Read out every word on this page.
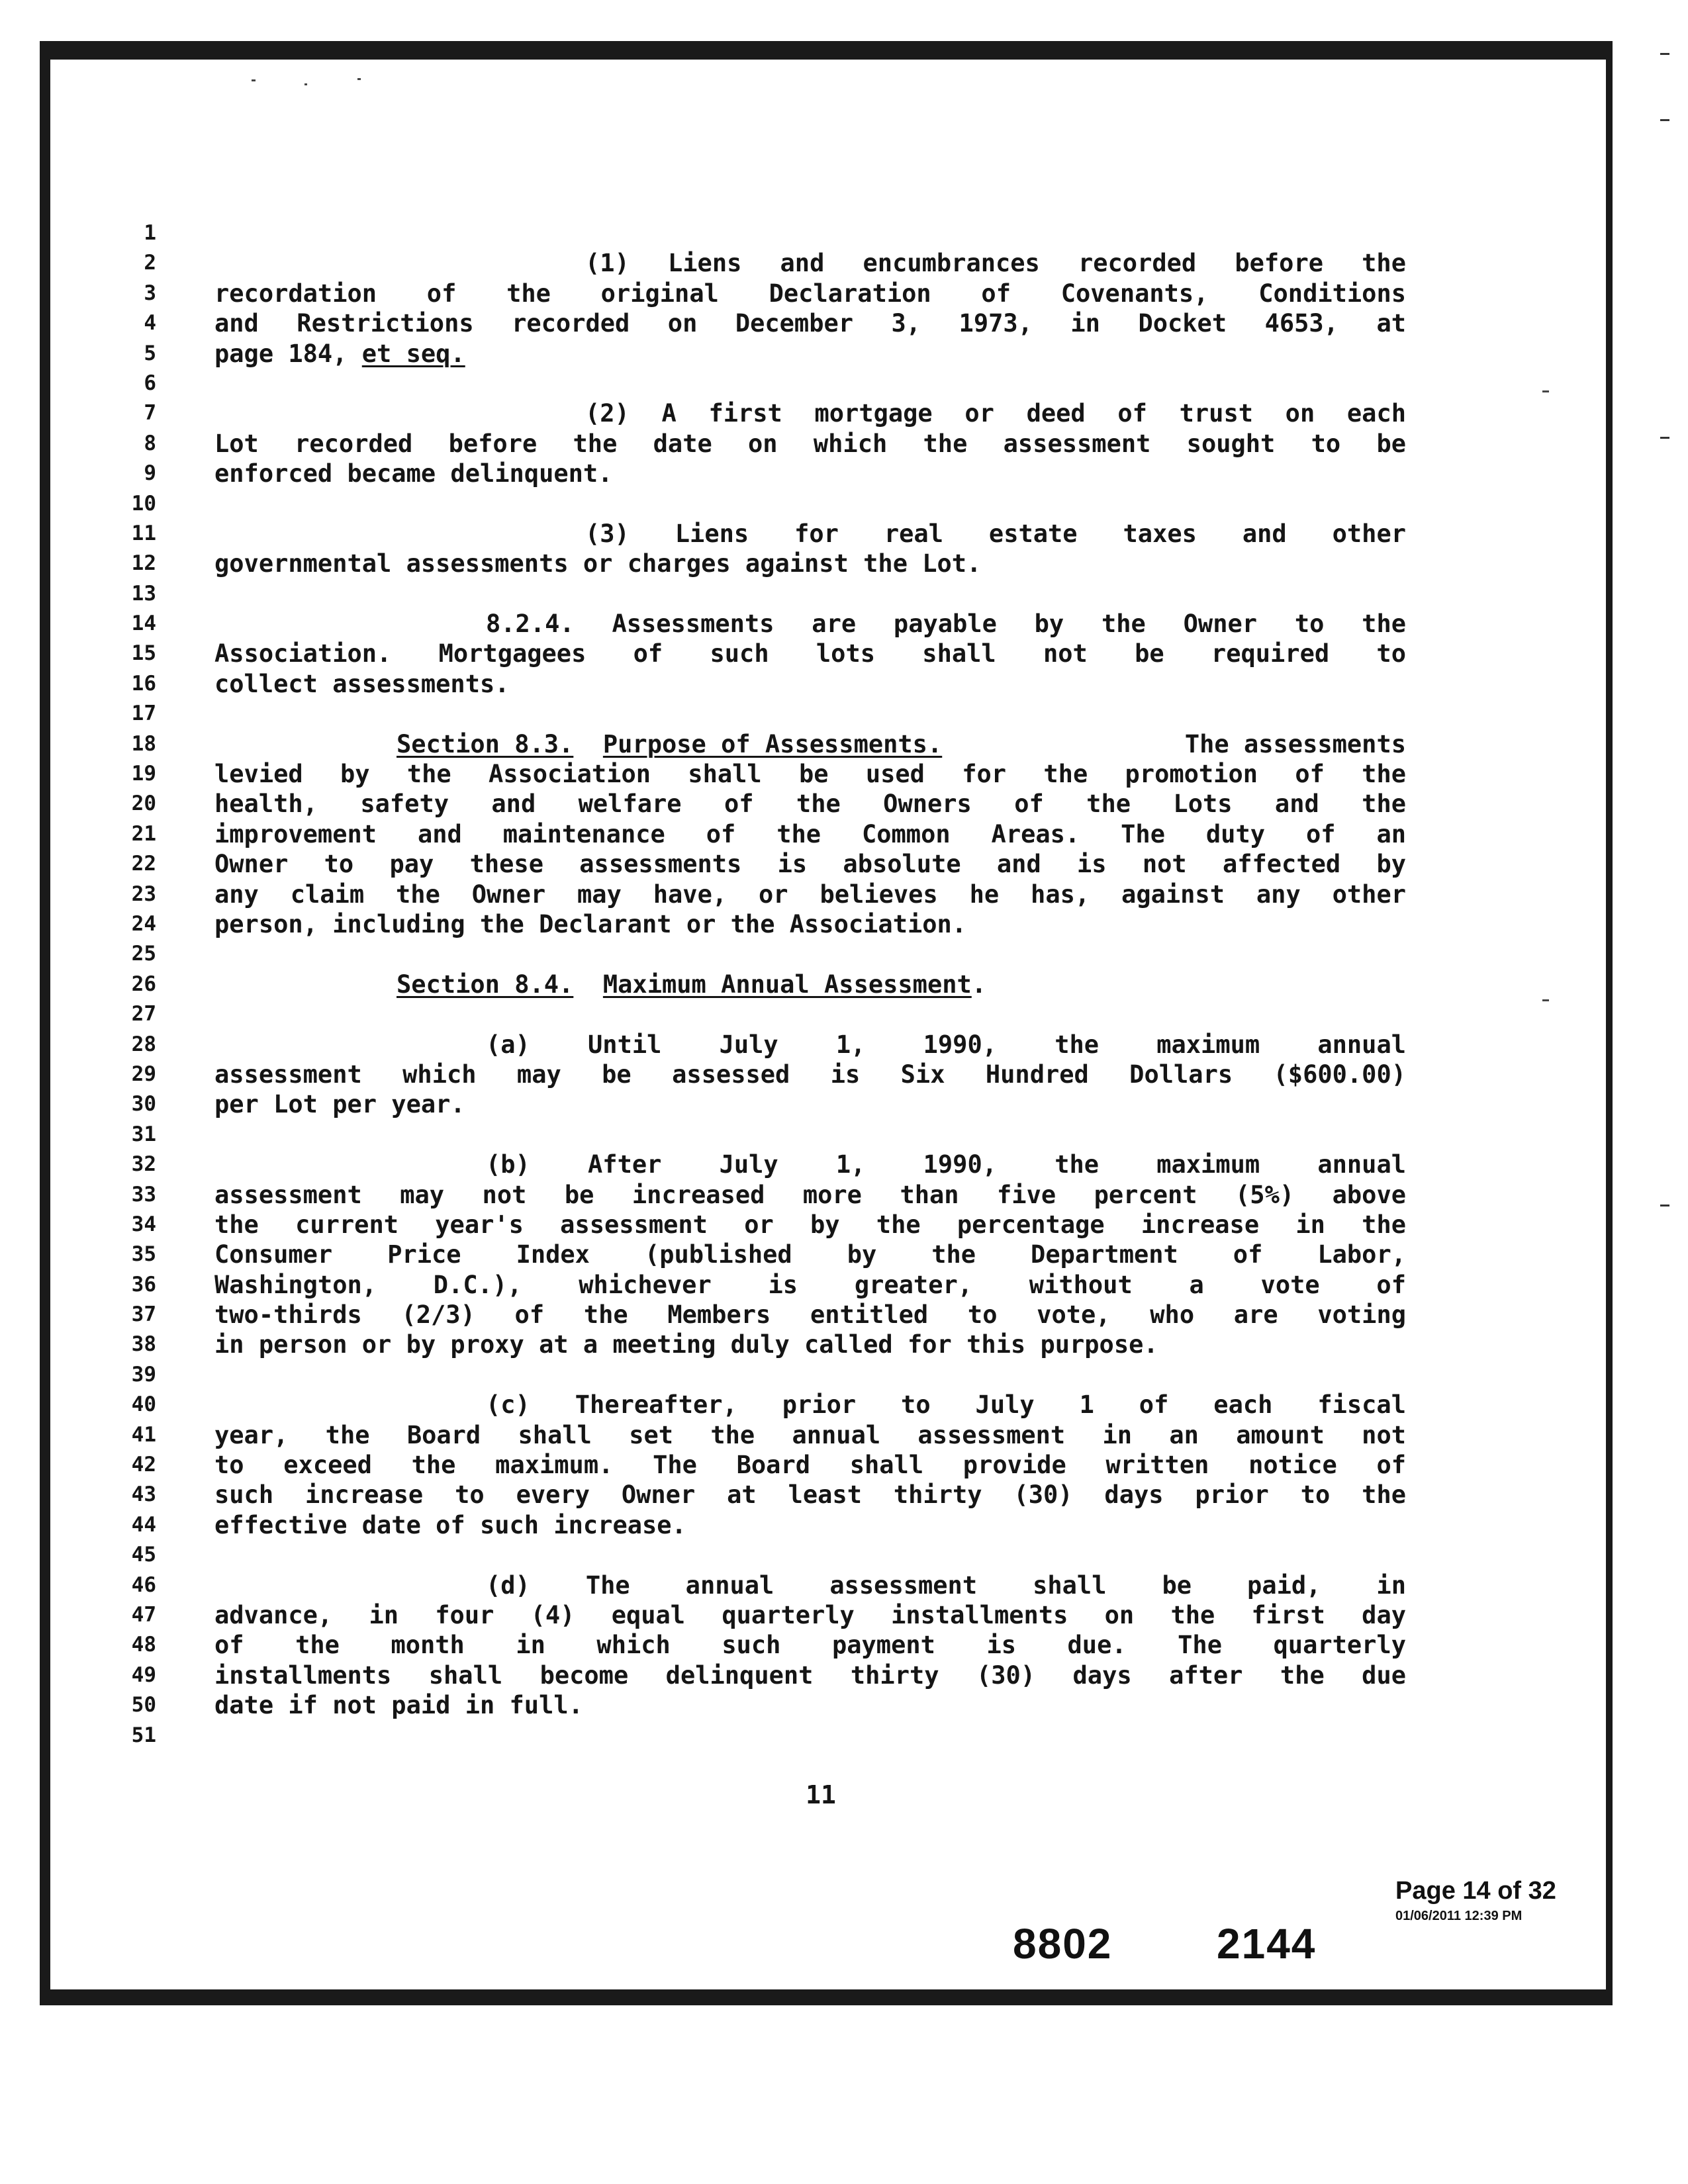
1
2
3
4
5
6
7
8
9
10
11
12
13
14
15
16
17
18
19
20
21
22
23
24
25
26
27
28
29
30
31
32
33
34
35
36
37
38
39
40
41
42
43
44
45
46
47
48
49
50
51
(1) Liens and encumbrances recorded before the
recordation of the original Declaration of Covenants, Conditions
and Restrictions recorded on December 3, 1973, in Docket 4653, at
page 184, et seq.
(2) A first mortgage or deed of trust on each
Lot recorded before the date on which the assessment sought to be
enforced became delinquent.
(3) Liens for real estate taxes and other
governmental assessments or charges against the Lot.
8.2.4. Assessments are payable by the Owner to the
Association. Mortgagees of such lots shall not be required to
collect assessments.
Section 8.3. Purpose of Assessments.	The assessments
levied by the Association shall be used for the promotion of the
health, safety and welfare of the Owners of the Lots and the
improvement and maintenance of the Common Areas. The duty of an
Owner to pay these assessments is absolute and is not affected by
any claim the Owner may have, or believes he has, against any other
person, including the Declarant or the Association.
Section 8.4. Maximum Annual Assessment.
(a) Until July 1, 1990, the maximum annual
assessment which may be assessed is Six Hundred Dollars ($600.00)
per Lot per year.
(b) After July 1, 1990, the maximum annual
assessment may not be increased more than five percent (5%) above
the current year's assessment or by the percentage increase in the
Consumer Price Index (published by the Department of Labor,
Washington, D.C.), whichever is greater, without a vote of
two-thirds (2/3) of the Members entitled to vote, who are voting
in person or by proxy at a meeting duly called for this purpose.
(c) Thereafter, prior to July 1 of each fiscal
year, the Board shall set the annual assessment in an amount not
to exceed the maximum. The Board shall provide written notice of
such increase to every Owner at least thirty (30) days prior to the
effective date of such increase.
(d) The annual assessment shall be paid, in
advance, in four (4) equal quarterly installments on the first day
of the month in which such payment is due. The quarterly
installments shall become delinquent thirty (30) days after the due
date if not paid in full.
11
Page 14 of 32
01/06/2011 12:39 PM
8802 2144
